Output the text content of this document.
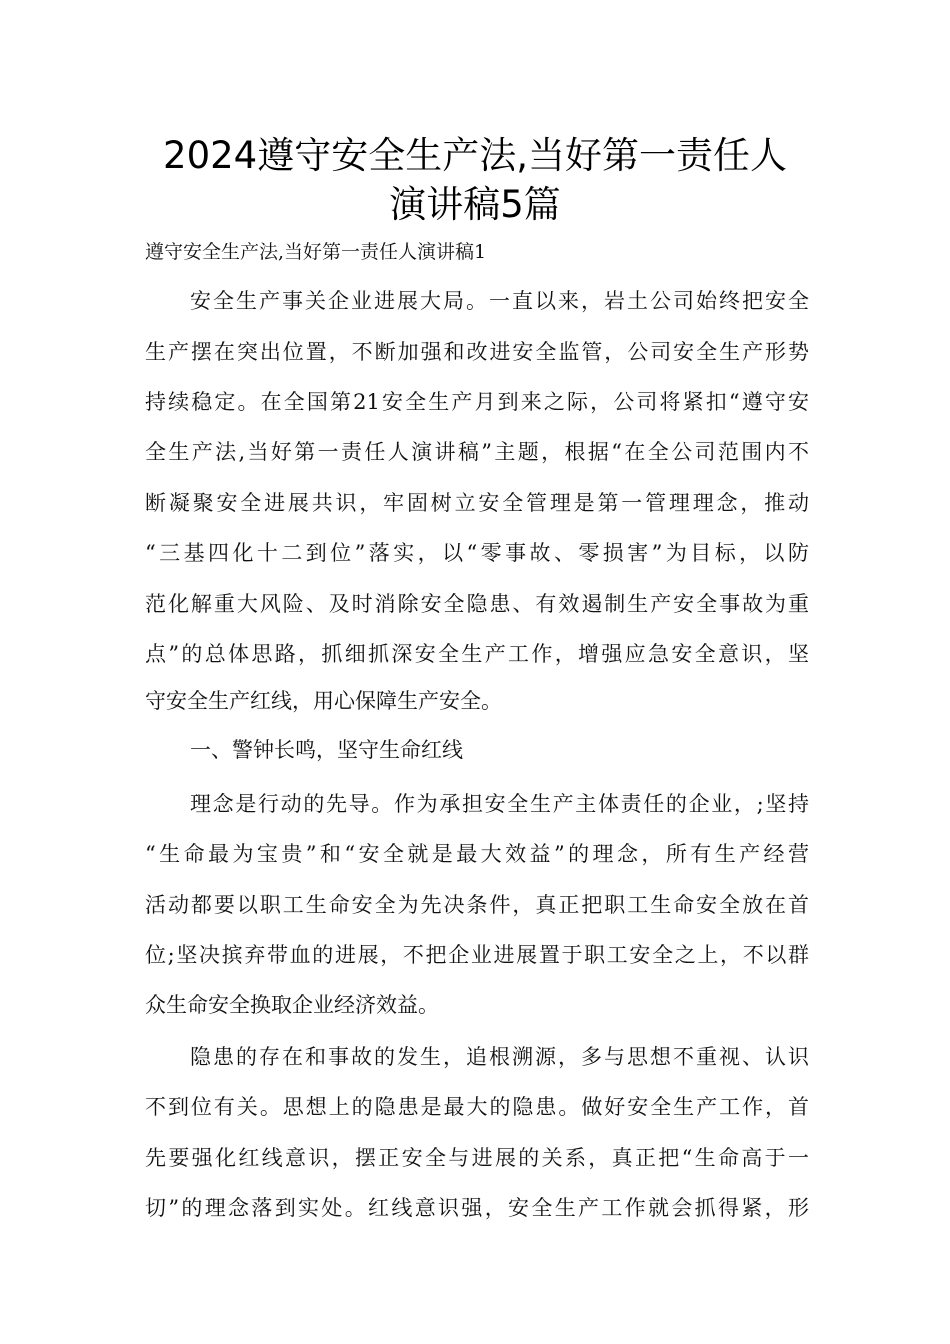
2024遵守安全生产法,当好第一责任人
演讲稿5篇
遵守安全生产法,当好第一责任人演讲稿1
安全生产事关企业进展大局。一直以来，岩土公司始终把安全
生产摆在突出位置，不断加强和改进安全监管，公司安全生产形势
持续稳定。在全国第21安全生产月到来之际，公司将紧扣“遵守安
全生产法,当好第一责任人演讲稿”主题，根据“在全公司范围内不
断凝聚安全进展共识，牢固树立安全管理是第一管理理念，推动
“三基四化十二到位”落实，以“零事故、零损害”为目标，以防
范化解重大风险、及时消除安全隐患、有效遏制生产安全事故为重
点”的总体思路，抓细抓深安全生产工作，增强应急安全意识，坚
守安全生产红线，用心保障生产安全。
一、警钟长鸣，坚守生命红线
理念是行动的先导。作为承担安全生产主体责任的企业，;坚持
“生命最为宝贵”和“安全就是最大效益”的理念，所有生产经营
活动都要以职工生命安全为先决条件，真正把职工生命安全放在首
位;坚决摈弃带血的进展，不把企业进展置于职工安全之上，不以群
众生命安全换取企业经济效益。
隐患的存在和事故的发生，追根溯源，多与思想不重视、认识
不到位有关。思想上的隐患是最大的隐患。做好安全生产工作，首
先要强化红线意识，摆正安全与进展的关系，真正把“生命高于一
切”的理念落到实处。红线意识强，安全生产工作就会抓得紧，形
